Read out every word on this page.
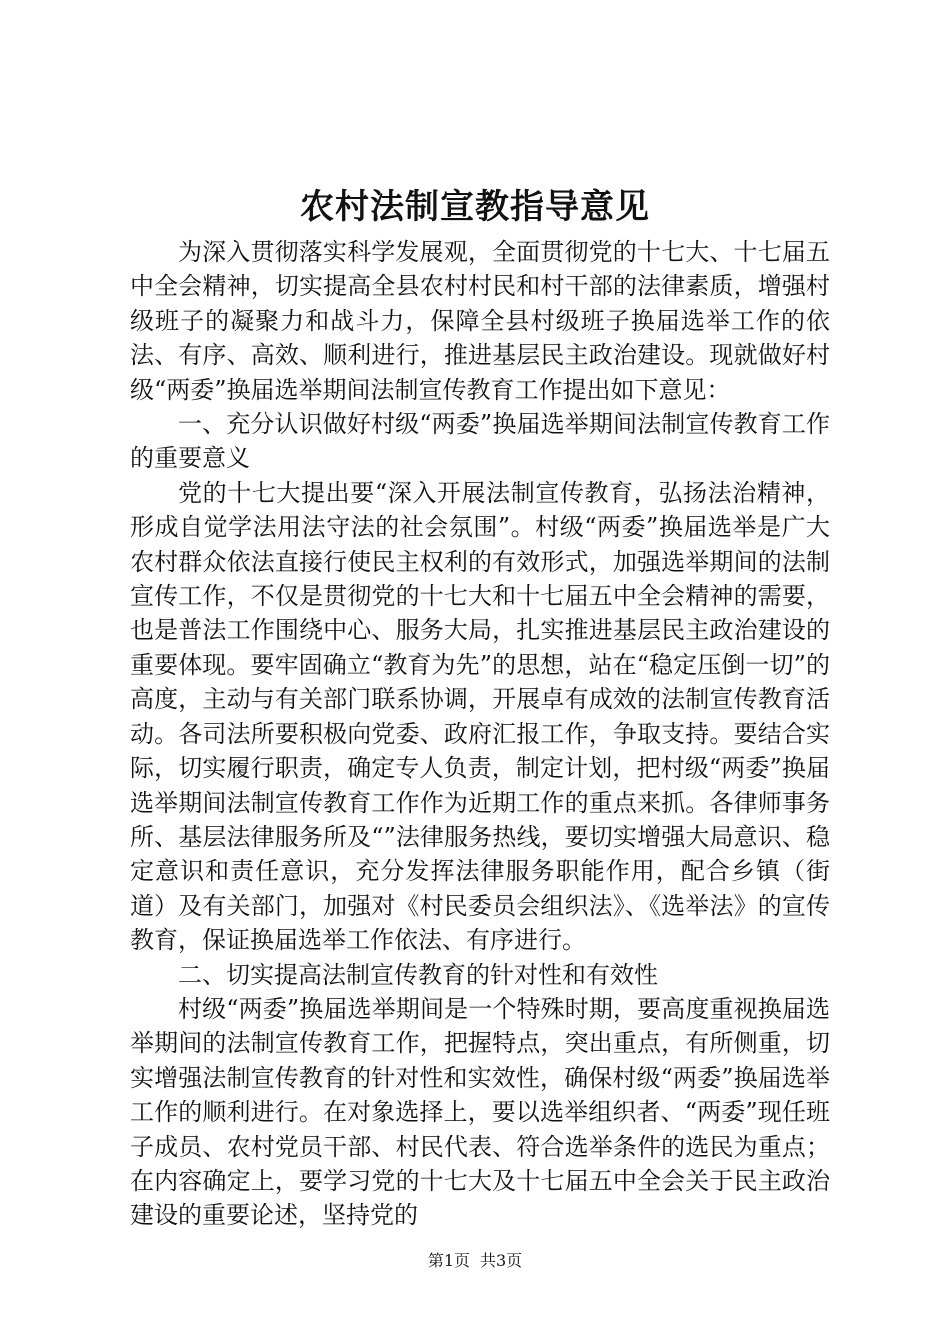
农村法制宣教指导意见

为深入贯彻落实科学发展观，全面贯彻党的十七大、十七届五中全会精神，切实提高全县农村村民和村干部的法律素质，增强村级班子的凝聚力和战斗力，保障全县村级班子换届选举工作的依法、有序、高效、顺利进行，推进基层民主政治建设。现就做好村级“两委”换届选举期间法制宣传教育工作提出如下意见：

一、充分认识做好村级“两委”换届选举期间法制宣传教育工作的重要意义

党的十七大提出要“深入开展法制宣传教育，弘扬法治精神，形成自觉学法用法守法的社会氛围”。村级“两委”换届选举是广大农村群众依法直接行使民主权利的有效形式，加强选举期间的法制宣传工作，不仅是贯彻党的十七大和十七届五中全会精神的需要，也是普法工作围绕中心、服务大局，扎实推进基层民主政治建设的重要体现。要牢固确立“教育为先”的思想，站在“稳定压倒一切”的高度，主动与有关部门联系协调，开展卓有成效的法制宣传教育活动。各司法所要积极向党委、政府汇报工作，争取支持。要结合实际，切实履行职责，确定专人负责，制定计划，把村级“两委”换届选举期间法制宣传教育工作作为近期工作的重点来抓。各律师事务所、基层法律服务所及“”法律服务热线，要切实增强大局意识、稳定意识和责任意识，充分发挥法律服务职能作用，配合乡镇（街道）及有关部门，加强对《村民委员会组织法》、《选举法》的宣传教育，保证换届选举工作依法、有序进行。

二、切实提高法制宣传教育的针对性和有效性

村级“两委”换届选举期间是一个特殊时期，要高度重视换届选举期间的法制宣传教育工作，把握特点，突出重点，有所侧重，切实增强法制宣传教育的针对性和实效性，确保村级“两委”换届选举工作的顺利进行。在对象选择上，要以选举组织者、“两委”现任班子成员、农村党员干部、村民代表、符合选举条件的选民为重点；在内容确定上，要学习党的十七大及十七届五中全会关于民主政治建设的重要论述，坚持党的

第1页 共3页
